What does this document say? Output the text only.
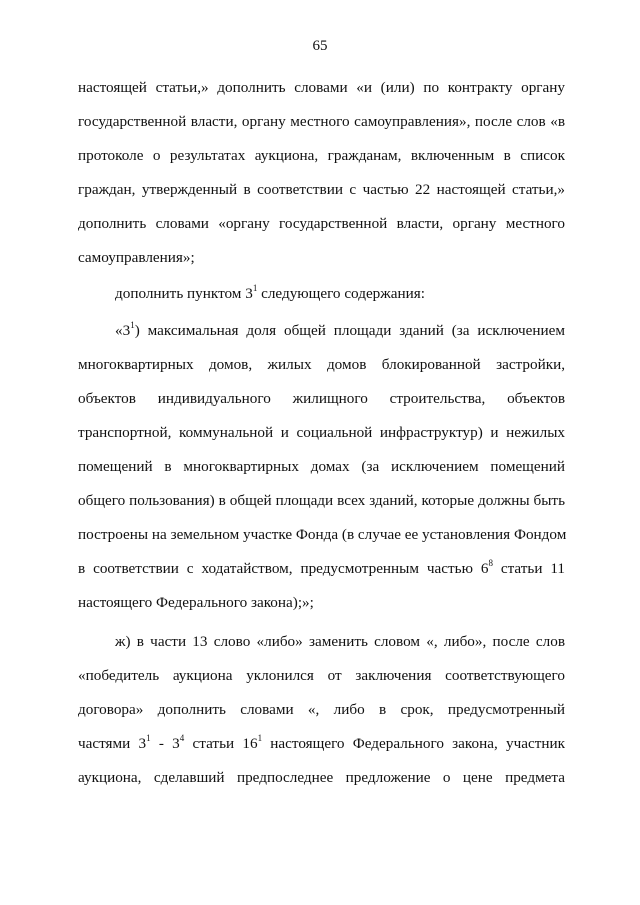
65
настоящей статьи,» дополнить словами «и (или) по контракту органу
государственной власти, органу местного самоуправления», после слов «в
протоколе о результатах аукциона, гражданам, включенным в список
граждан, утвержденный в соответствии с частью 22 настоящей статьи,»
дополнить словами «органу государственной власти, органу местного
самоуправления»;
дополнить пунктом $3^1$ следующего содержания:
«$3^1$) максимальная доля общей площади зданий (за исключением
многоквартирных домов, жилых домов блокированной застройки,
объектов индивидуального жилищного строительства, объектов
транспортной, коммунальной и социальной инфраструктур) и нежилых
помещений в многоквартирных домах (за исключением помещений
общего пользования) в общей площади всех зданий, которые должны быть
построены на земельном участке Фонда (в случае ее установления Фондом
в соответствии с ходатайством, предусмотренным частью $6^8$ статьи 11
настоящего Федерального закона);»;
ж) в части 13 слово «либо» заменить словом «, либо», после слов
«победитель аукциона уклонился от заключения соответствующего
договора» дополнить словами «, либо в срок, предусмотренный
частями $3^1 - 3^4$ статьи $16^1$ настоящего Федерального закона, участник
аукциона, сделавший предпоследнее предложение о цене предмета
